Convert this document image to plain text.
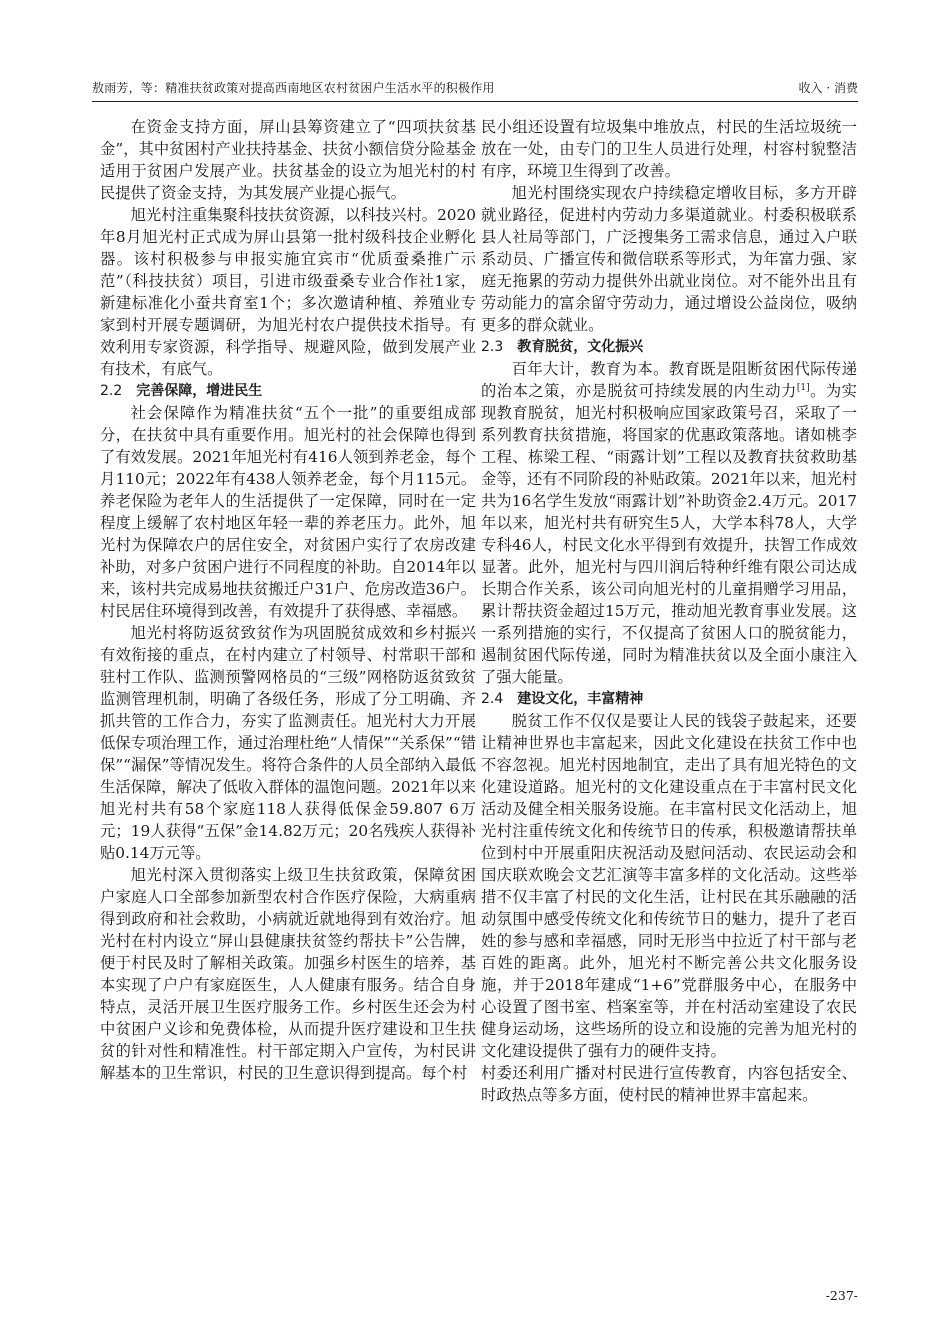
敖雨芳，等：精准扶贫政策对提高西南地区农村贫困户生活水平的积极作用	收入 · 消费

在资金支持方面，屏山县筹资建立了“四项扶贫基金”，其中贫困村产业扶持基金、扶贫小额信贷分险基金适用于贫困户发展产业。扶贫基金的设立为旭光村的村民提供了资金支持，为其发展产业提心振气。

旭光村注重集聚科技扶贫资源，以科技兴村。2020年8月旭光村正式成为屏山县第一批村级科技企业孵化器。该村积极参与申报实施宜宾市“优质蚕桑推广示范”（科技扶贫）项目，引进市级蚕桑专业合作社1家，新建标准化小蚕共育室1个；多次邀请种植、养殖业专家到村开展专题调研，为旭光村农户提供技术指导。有效利用专家资源，科学指导、规避风险，做到发展产业有技术，有底气。

2.2 完善保障，增进民生

社会保障作为精准扶贫“五个一批”的重要组成部分，在扶贫中具有重要作用。旭光村的社会保障也得到了有效发展。2021年旭光村有416人领到养老金，每个月110元；2022年有438人领养老金，每个月115元。养老保险为老年人的生活提供了一定保障，同时在一定程度上缓解了农村地区年轻一辈的养老压力。此外，旭光村为保障农户的居住安全，对贫困户实行了农房改建补助，对多户贫困户进行不同程度的补助。自2014年以来，该村共完成易地扶贫搬迁户31户、危房改造36户。村民居住环境得到改善，有效提升了获得感、幸福感。

旭光村将防返贫致贫作为巩固脱贫成效和乡村振兴有效衔接的重点，在村内建立了村领导、村常职干部和驻村工作队、监测预警网格员的“三级”网格防返贫致贫监测管理机制，明确了各级任务，形成了分工明确、齐抓共管的工作合力，夯实了监测责任。旭光村大力开展低保专项治理工作，通过治理杜绝“人情保”“关系保”“错保”“漏保”等情况发生。将符合条件的人员全部纳入最低生活保障，解决了低收入群体的温饱问题。2021年以来旭光村共有58个家庭118人获得低保金59.807 6万元；19人获得“五保”金14.82万元；20名残疾人获得补贴0.14万元等。

旭光村深入贯彻落实上级卫生扶贫政策，保障贫困户家庭人口全部参加新型农村合作医疗保险，大病重病得到政府和社会救助，小病就近就地得到有效治疗。旭光村在村内设立“屏山县健康扶贫签约帮扶卡”公告牌，便于村民及时了解相关政策。加强乡村医生的培养，基本实现了户户有家庭医生，人人健康有服务。结合自身特点，灵活开展卫生医疗服务工作。乡村医生还会为村中贫困户义诊和免费体检，从而提升医疗建设和卫生扶贫的针对性和精准性。村干部定期入户宣传，为村民讲解基本的卫生常识，村民的卫生意识得到提高。每个村

民小组还设置有垃圾集中堆放点，村民的生活垃圾统一放在一处，由专门的卫生人员进行处理，村容村貌整洁有序，环境卫生得到了改善。

旭光村围绕实现农户持续稳定增收目标，多方开辟就业路径，促进村内劳动力多渠道就业。村委积极联系县人社局等部门，广泛搜集务工需求信息，通过入户联系动员、广播宣传和微信联系等形式，为年富力强、家庭无拖累的劳动力提供外出就业岗位。对不能外出且有劳动能力的富余留守劳动力，通过增设公益岗位，吸纳更多的群众就业。

2.3 教育脱贫，文化振兴

百年大计，教育为本。教育既是阻断贫困代际传递的治本之策，亦是脱贫可持续发展的内生动力[1]。为实现教育脱贫，旭光村积极响应国家政策号召，采取了一系列教育扶贫措施，将国家的优惠政策落地。诸如桃李工程、栋梁工程、“雨露计划”工程以及教育扶贫救助基金等，还有不同阶段的补贴政策。2021年以来，旭光村共为16名学生发放“雨露计划”补助资金2.4万元。2017年以来，旭光村共有研究生5人，大学本科78人，大学专科46人，村民文化水平得到有效提升，扶智工作成效显著。此外，旭光村与四川润后特种纤维有限公司达成长期合作关系，该公司向旭光村的儿童捐赠学习用品，累计帮扶资金超过15万元，推动旭光教育事业发展。这一系列措施的实行，不仅提高了贫困人口的脱贫能力，遏制贫困代际传递，同时为精准扶贫以及全面小康注入了强大能量。

2.4 建设文化，丰富精神

脱贫工作不仅仅是要让人民的钱袋子鼓起来，还要让精神世界也丰富起来，因此文化建设在扶贫工作中也不容忽视。旭光村因地制宜，走出了具有旭光特色的文化建设道路。旭光村的文化建设重点在于丰富村民文化活动及健全相关服务设施。在丰富村民文化活动上，旭光村注重传统文化和传统节日的传承，积极邀请帮扶单位到村中开展重阳庆祝活动及慰问活动、农民运动会和国庆联欢晚会文艺汇演等丰富多样的文化活动。这些举措不仅丰富了村民的文化生活，让村民在其乐融融的活动氛围中感受传统文化和传统节日的魅力，提升了老百姓的参与感和幸福感，同时无形当中拉近了村干部与老百姓的距离。此外，旭光村不断完善公共文化服务设施，并于2018年建成“1+6”党群服务中心，在服务中心设置了图书室、档案室等，并在村活动室建设了农民健身运动场，这些场所的设立和设施的完善为旭光村的文化建设提供了强有力的硬件支持。

村委还利用广播对村民进行宣传教育，内容包括安全、时政热点等多方面，使村民的精神世界丰富起来。

-237-
